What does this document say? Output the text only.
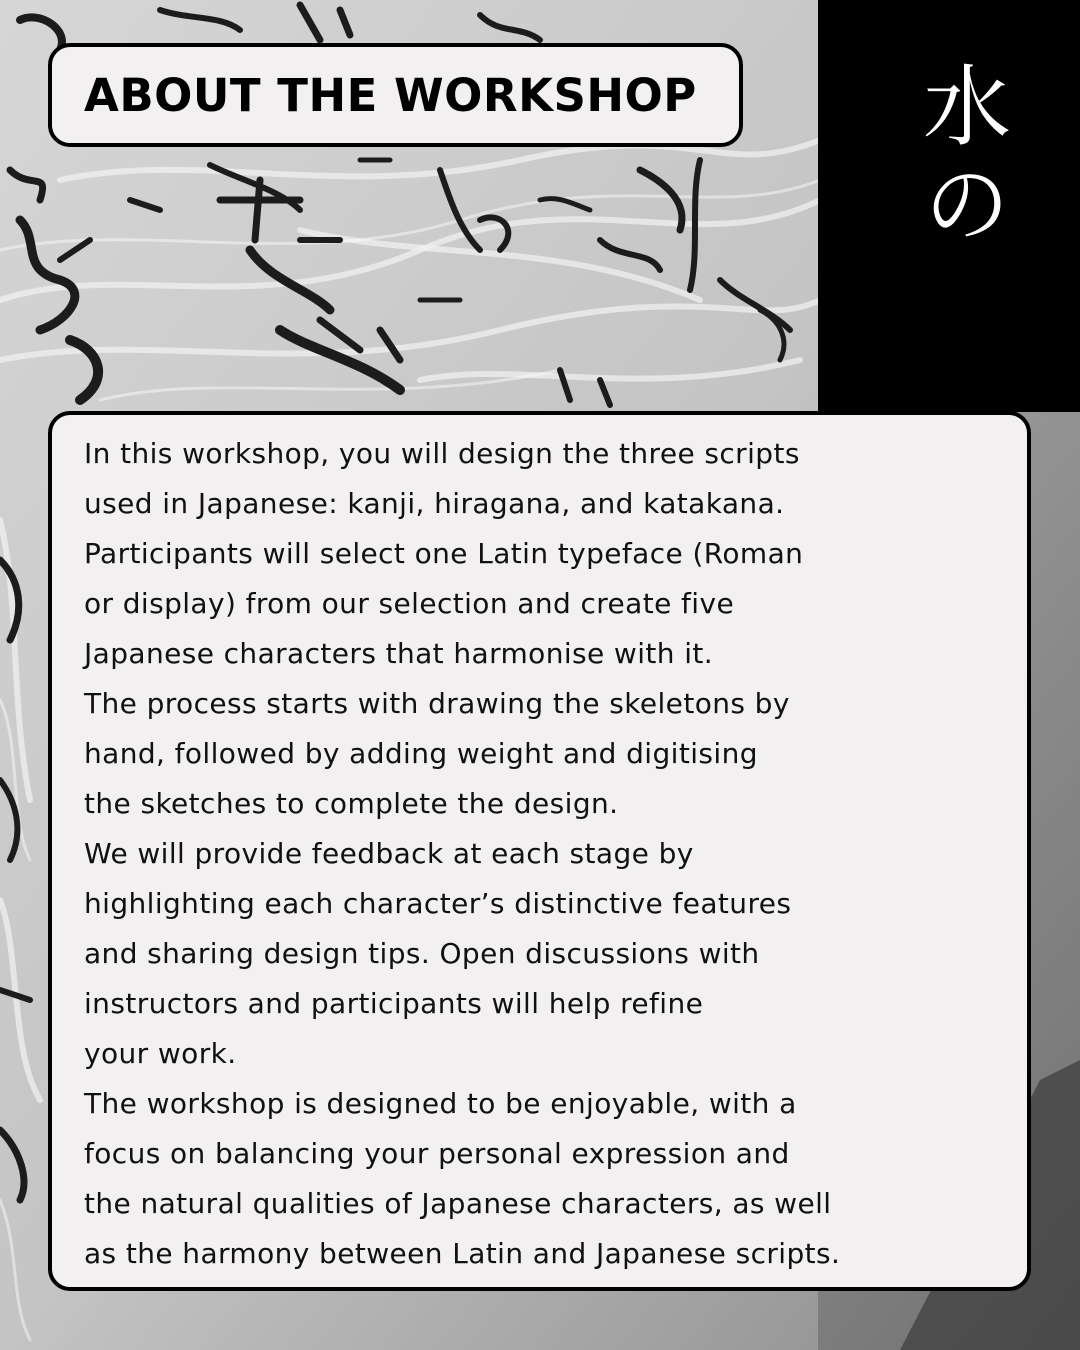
水の
ABOUT THE WORKSHOP
In this workshop, you will design the three scripts
used in Japanese: kanji, hiragana, and katakana.
Participants will select one Latin typeface (Roman
or display) from our selection and create five
Japanese characters that harmonise with it.
The process starts with drawing the skeletons by
hand, followed by adding weight and digitising
the sketches to complete the design.
We will provide feedback at each stage by
highlighting each character’s distinctive features
and sharing design tips. Open discussions with
instructors and participants will help refine
your work.
The workshop is designed to be enjoyable, with a
focus on balancing your personal expression and
the natural qualities of Japanese characters, as well
as the harmony between Latin and Japanese scripts.
